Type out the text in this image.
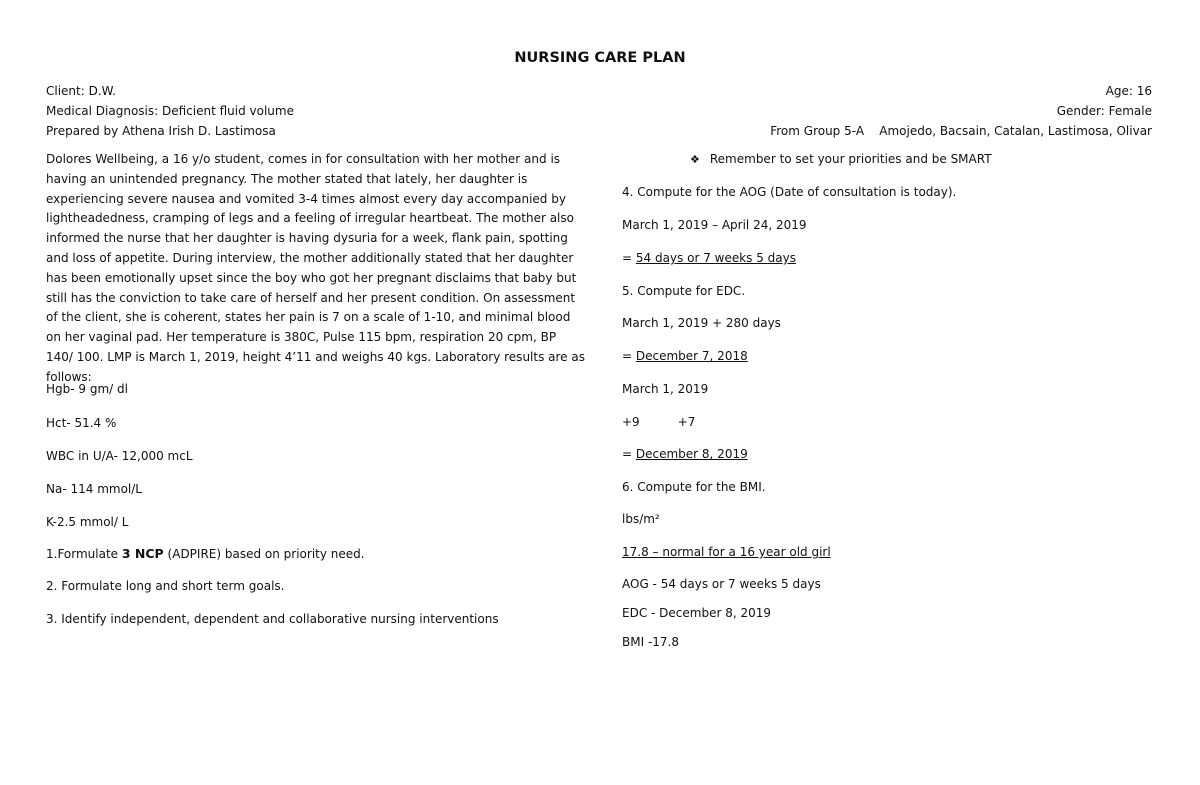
NURSING CARE PLAN
Client: D.W.
Medical Diagnosis: Deficient fluid volume
Prepared by Athena Irish D. Lastimosa
Age: 16
Gender: Female
From Group 5-A    Amojedo, Bacsain, Catalan, Lastimosa, Olivar

Dolores Wellbeing, a 16 y/o student, comes in for consultation with her mother and is having an unintended pregnancy. The mother stated that lately, her daughter is experiencing severe nausea and vomited 3-4 times almost every day accompanied by lightheadedness, cramping of legs and a feeling of irregular heartbeat. The mother also informed the nurse that her daughter is having dysuria for a week, flank pain, spotting and loss of appetite. During interview, the mother additionally stated that her daughter has been emotionally upset since the boy who got her pregnant disclaims that baby but still has the conviction to take care of herself and her present condition. On assessment of the client, she is coherent, states her pain is 7 on a scale of 1-10, and minimal blood on her vaginal pad. Her temperature is 380C, Pulse 115 bpm, respiration 20 cpm, BP 140/ 100. LMP is March 1, 2019, height 4’11 and weighs 40 kgs. Laboratory results are as follows:

Hgb- 9 gm/ dl
Hct- 51.4 %
WBC in U/A- 12,000 mcL
Na- 114 mmol/L
K-2.5 mmol/ L
1.Formulate 3 NCP (ADPIRE) based on priority need.
2. Formulate long and short term goals.
3. Identify independent, dependent and collaborative nursing interventions
❖ Remember to set your priorities and be SMART
4. Compute for the AOG (Date of consultation is today).
March 1, 2019 – April 24, 2019
= 54 days or 7 weeks 5 days
5. Compute for EDC.
March 1, 2019 + 280 days
= December 7, 2018
March 1, 2019
+9	+7
= December 8, 2019
6. Compute for the BMI.
lbs/m²
17.8 – normal for a 16 year old girl
AOG - 54 days or 7 weeks 5 days
EDC - December 8, 2019
BMI -17.8
